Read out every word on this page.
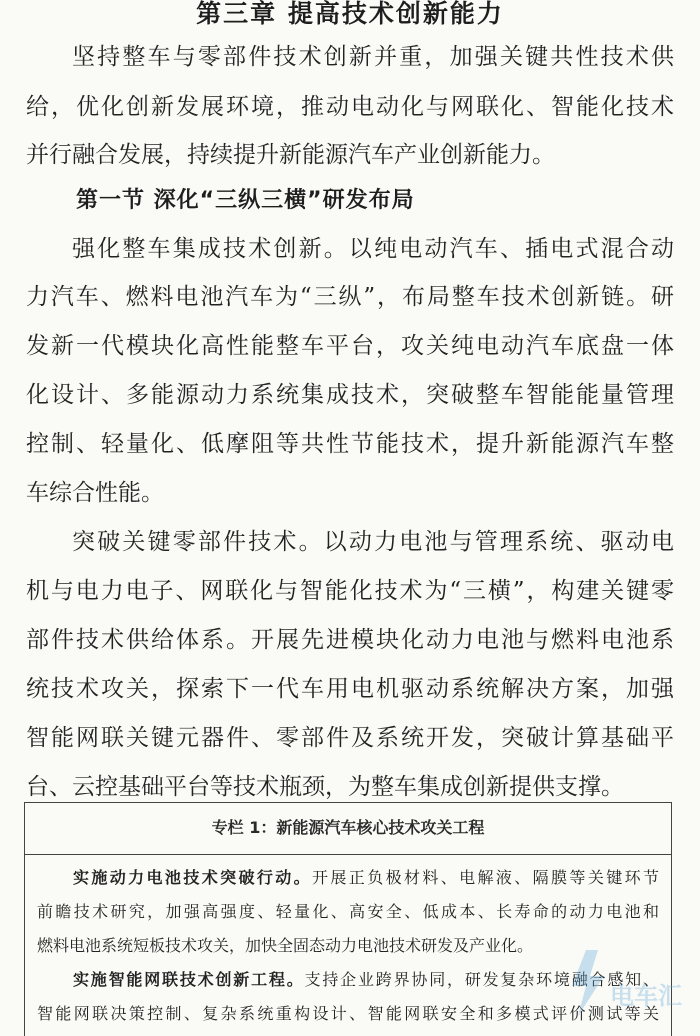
第三章 提高技术创新能力
坚持整车与零部件技术创新并重，加强关键共性技术供
给，优化创新发展环境，推动电动化与网联化、智能化技术
并行融合发展，持续提升新能源汽车产业创新能力。
第一节 深化“三纵三横”研发布局
强化整车集成技术创新。以纯电动汽车、插电式混合动
力汽车、燃料电池汽车为“三纵”，布局整车技术创新链。研
发新一代模块化高性能整车平台，攻关纯电动汽车底盘一体
化设计、多能源动力系统集成技术，突破整车智能能量管理
控制、轻量化、低摩阻等共性节能技术，提升新能源汽车整
车综合性能。
突破关键零部件技术。以动力电池与管理系统、驱动电
机与电力电子、网联化与智能化技术为“三横”，构建关键零
部件技术供给体系。开展先进模块化动力电池与燃料电池系
统技术攻关，探索下一代车用电机驱动系统解决方案，加强
智能网联关键元器件、零部件及系统开发，突破计算基础平
台、云控基础平台等技术瓶颈，为整车集成创新提供支撑。
专栏 1：新能源汽车核心技术攻关工程
实施动力电池技术突破行动。开展正负极材料、电解液、隔膜等关键环节
前瞻技术研究，加强高强度、轻量化、高安全、低成本、长寿命的动力电池和
燃料电池系统短板技术攻关，加快全固态动力电池技术研发及产业化。
实施智能网联技术创新工程。支持企业跨界协同，研发复杂环境融合感知、
智能网联决策控制、复杂系统重构设计、智能网联安全和多模式评价测试等关
电车汇
